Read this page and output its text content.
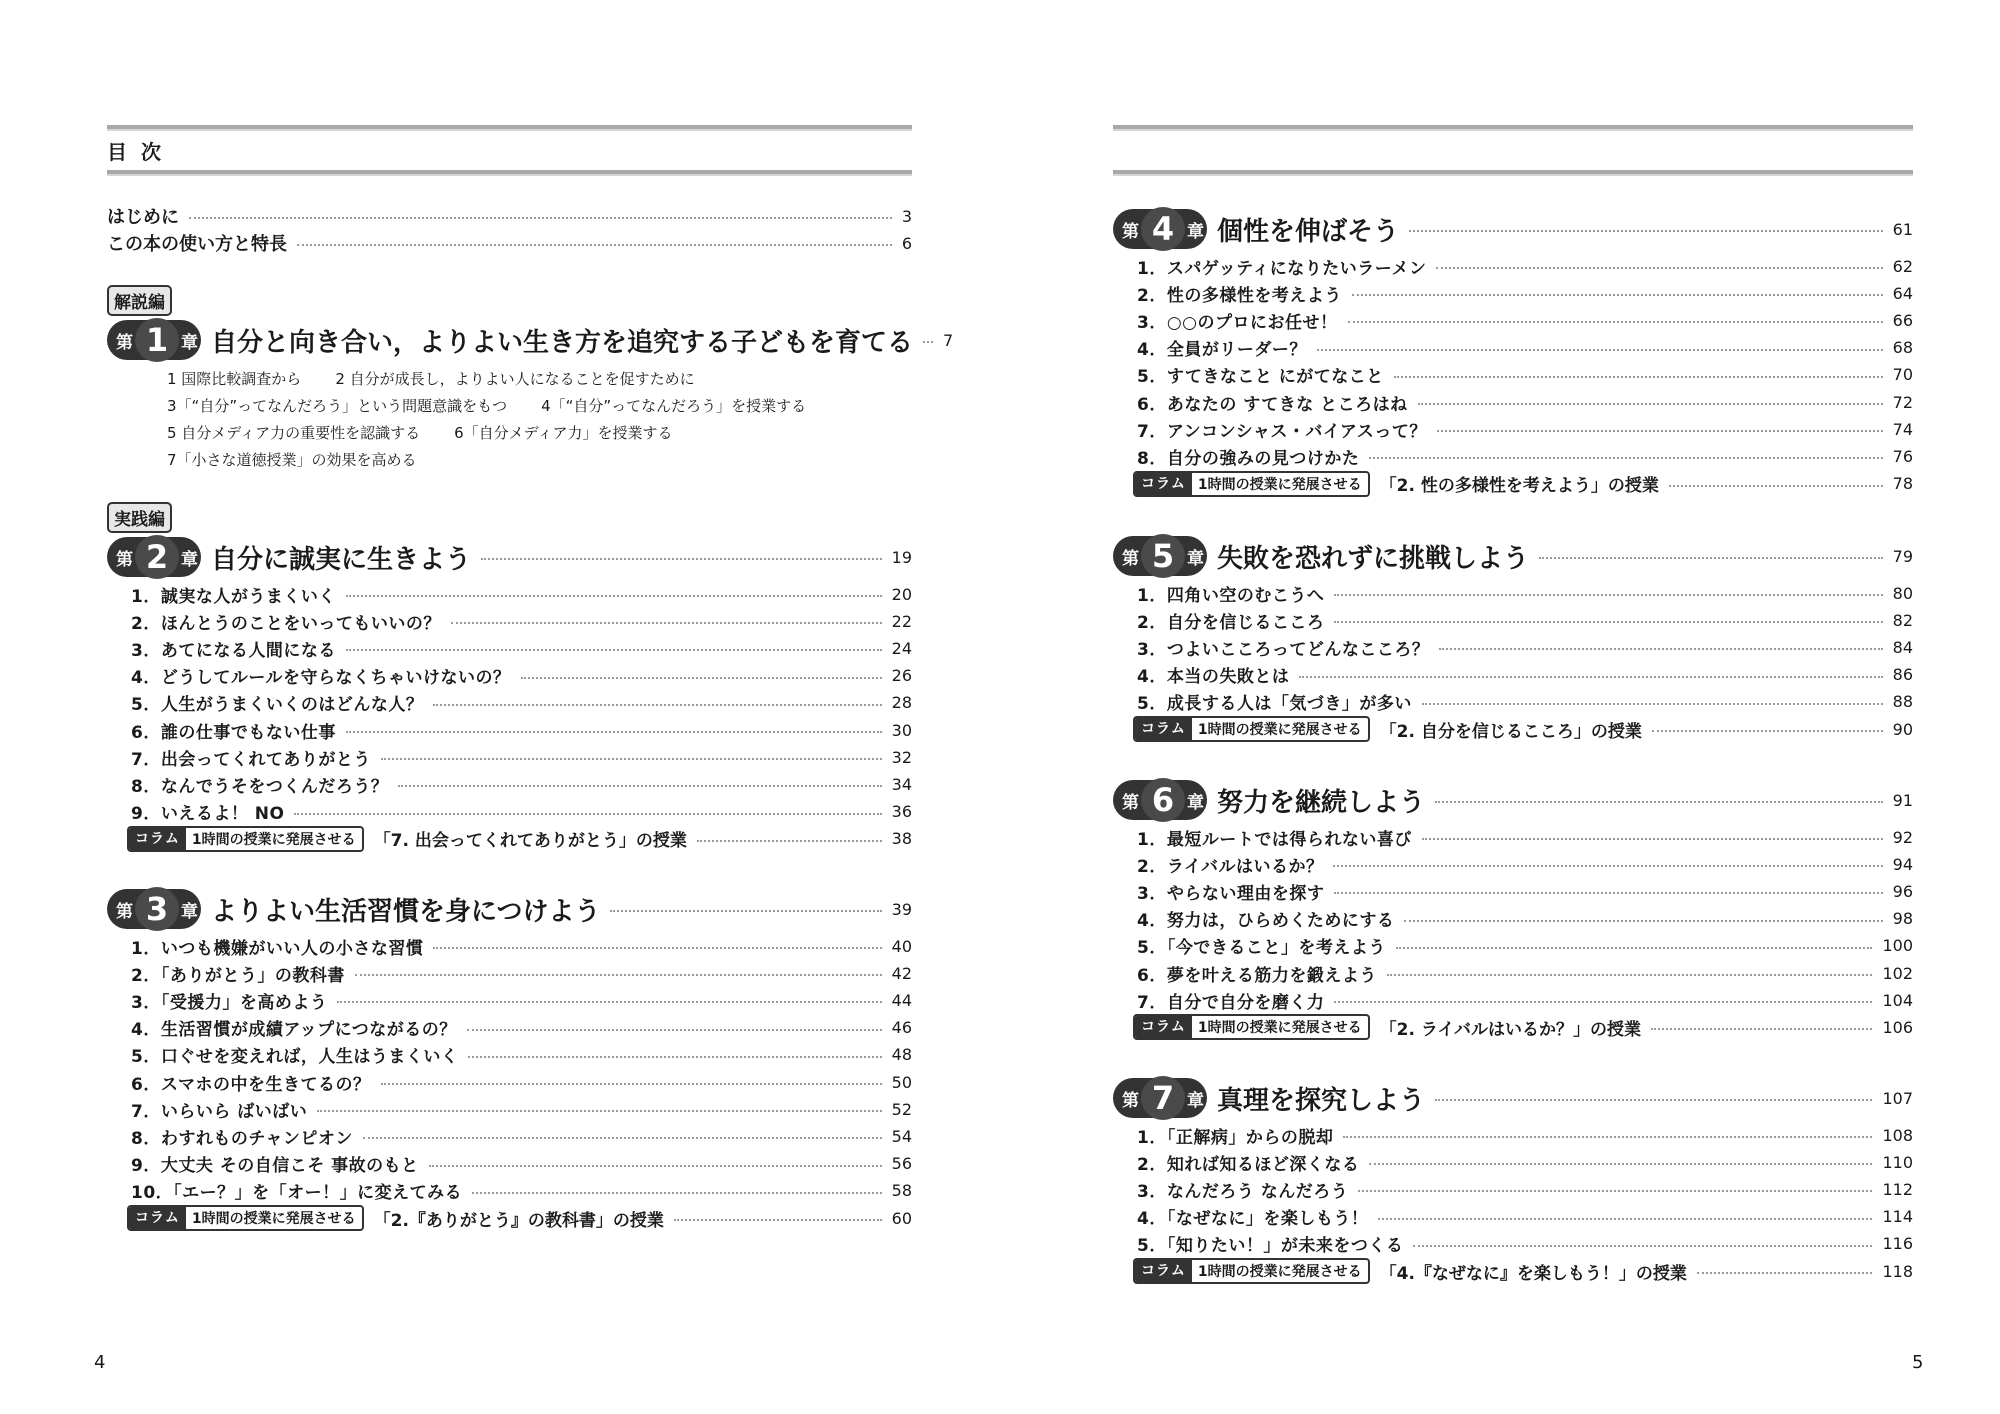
目次
はじめに	3
この本の使い方と特長	6
解説編
第 1 章 自分と向き合い，よりよい生き方を追究する子どもを育てる 7
1 国際比較調査から 2 自分が成長し，よりよい人になることを促すために
3「“自分”ってなんだろう」という問題意識をもつ 4「“自分”ってなんだろう」を授業する
5 自分メディア力の重要性を認識する 6「自分メディア力」を授業する
7「小さな道徳授業」の効果を高める
実践編
第 2 章 自分に誠実に生きよう	19
1．誠実な人がうまくいく	20
2．ほんとうのことをいってもいいの？	22
3．あてになる人間になる	24
4．どうしてルールを守らなくちゃいけないの？	26
5．人生がうまくいくのはどんな人？	28
6．誰の仕事でもない仕事	30
7．出会ってくれてありがとう	32
8．なんでうそをつくんだろう？	34
9．いえるよ！ NO	36
コラム 1時間の授業に発展させる	「7. 出会ってくれてありがとう」の授業	38
第 3 章 よりよい生活習慣を身につけよう	39
1．いつも機嫌がいい人の小さな習慣	40
2．「ありがとう」の教科書	42
3．「受援力」を高めよう	44
4．生活習慣が成績アップにつながるの？	46
5．口ぐせを変えれば，人生はうまくいく	48
6．スマホの中を生きてるの？	50
7．いらいら ばいばい	52
8．わすれものチャンピオン	54
9．大丈夫 その自信こそ 事故のもと	56
10．「エー？」を「オー！」に変えてみる	58
コラム 1時間の授業に発展させる	「2.『ありがとう』の教科書」の授業	60
4
第 4 章 個性を伸ばそう	61
1．スパゲッティになりたいラーメン	62
2．性の多様性を考えよう	64
3．○○のプロにお任せ！	66
4．全員がリーダー？	68
5．すてきなこと にがてなこと	70
6．あなたの すてきな ところはね	72
7．アンコンシャス・バイアスって？	74
8．自分の強みの見つけかた	76
コラム 1時間の授業に発展させる	「2. 性の多様性を考えよう」の授業	78
第 5 章 失敗を恐れずに挑戦しよう	79
1．四角い空のむこうへ	80
2．自分を信じるこころ	82
3．つよいこころってどんなこころ？	84
4．本当の失敗とは	86
5．成長する人は「気づき」が多い	88
コラム 1時間の授業に発展させる	「2. 自分を信じるこころ」の授業	90
第 6 章 努力を継続しよう	91
1．最短ルートでは得られない喜び	92
2．ライバルはいるか？	94
3．やらない理由を探す	96
4．努力は，ひらめくためにする	98
5．「今できること」を考えよう	100
6．夢を叶える筋力を鍛えよう	102
7．自分で自分を磨く力	104
コラム 1時間の授業に発展させる	「2. ライバルはいるか？」の授業	106
第 7 章 真理を探究しよう	107
1．「正解病」からの脱却	108
2．知れば知るほど深くなる	110
3．なんだろう なんだろう	112
4．「なぜなに」を楽しもう！	114
5．「知りたい！」が未来をつくる	116
コラム 1時間の授業に発展させる	「4.『なぜなに』を楽しもう！」の授業	118
5
